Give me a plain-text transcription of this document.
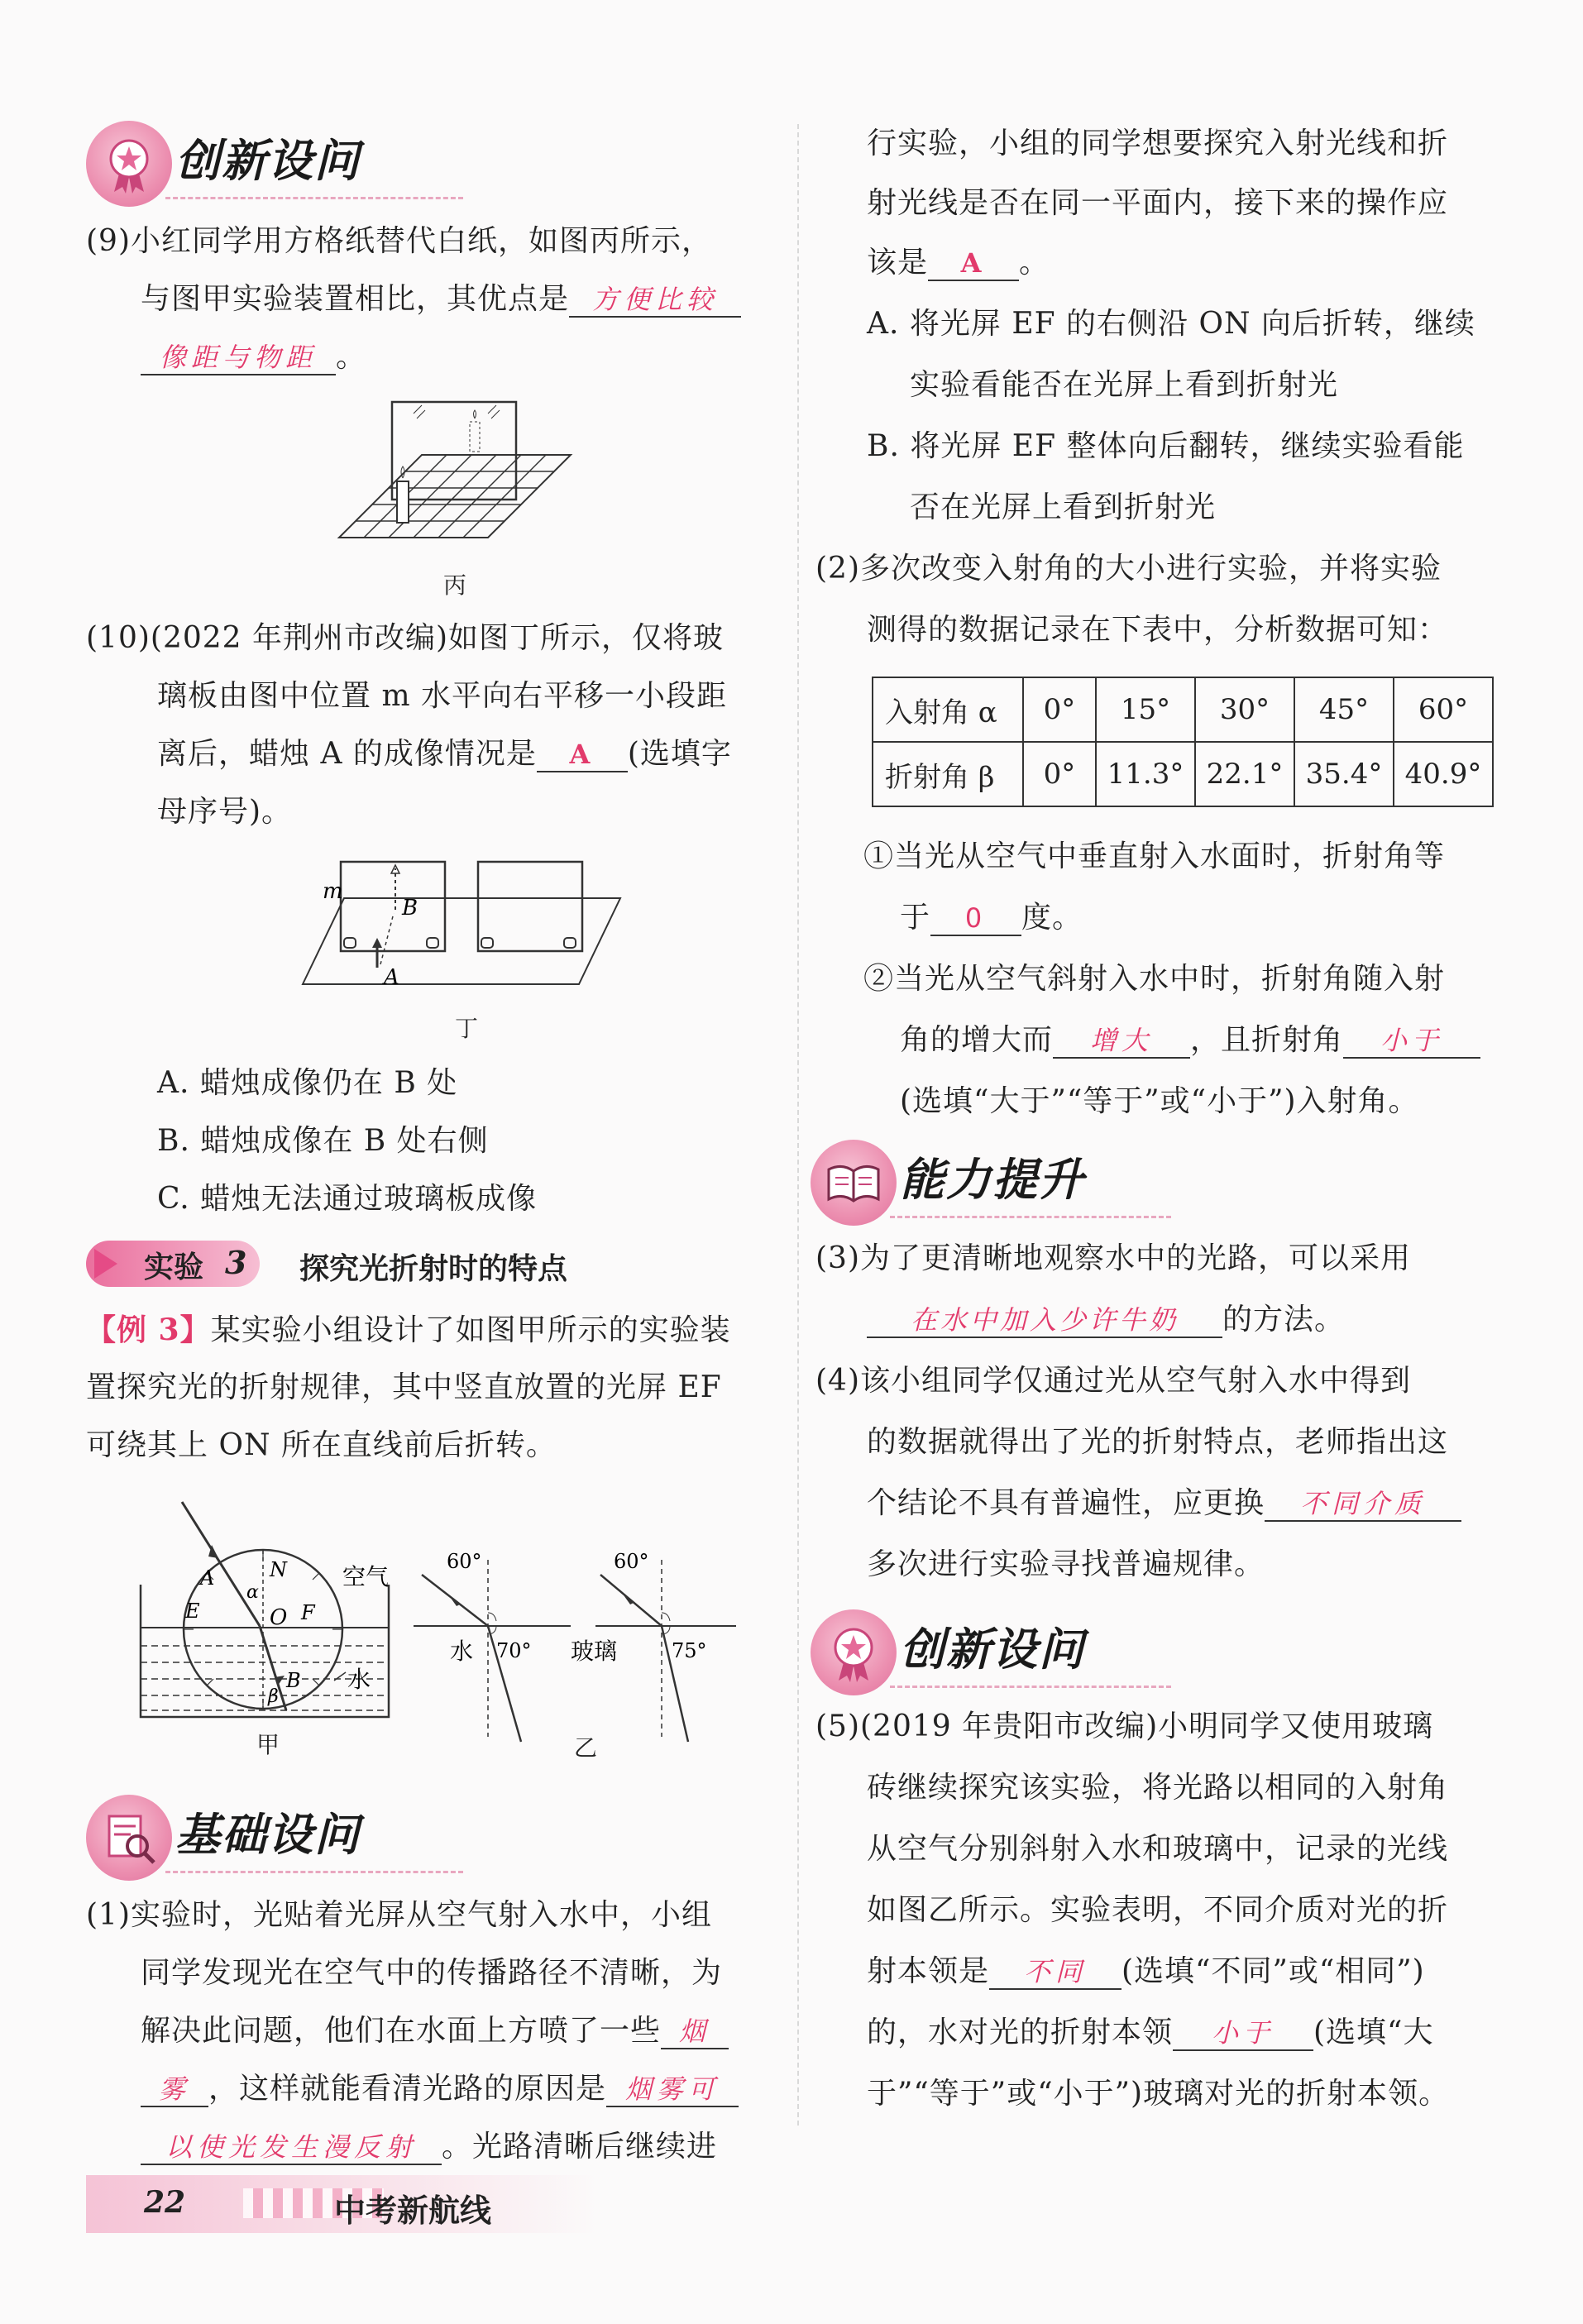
创新设问
(9)小红同学用方格纸替代白纸，如图丙所示，
与图甲实验装置相比，其优点是 方便比较
像距与物距 。
丙
(10)(2022 年荆州市改编)如图丁所示，仅将玻
璃板由图中位置 m 水平向右平移一小段距
离后，蜡烛 A 的成像情况是 A (选填字
母序号)。
m
B
A
丁
A. 蜡烛成像仍在 B 处
B. 蜡烛成像在 B 处右侧
C. 蜡烛无法通过玻璃板成像
实验 3 探究光折射时的特点
【例 3】某实验小组设计了如图甲所示的实验装
置探究光的折射规律，其中竖直放置的光屏 EF
可绕其上 ON 所在直线前后折转。
A
E
N
α
O F
B
β
空气
水
60°
水 70°
60°
玻璃	75°
甲	乙
基础设问
(1)实验时，光贴着光屏从空气射入水中，小组
同学发现光在空气中的传播路径不清晰，为
解决此问题，他们在水面上方喷了一些 烟
雾 ，这样就能看清光路的原因是 烟雾可
以使光发生漫反射 。光路清晰后继续进
22	中考新航线
行实验，小组的同学想要探究入射光线和折
射光线是否在同一平面内，接下来的操作应
该是 A 。
A. 将光屏 EF 的右侧沿 ON 向后折转，继续
实验看能否在光屏上看到折射光
B. 将光屏 EF 整体向后翻转，继续实验看能
否在光屏上看到折射光
(2)多次改变入射角的大小进行实验，并将实验
测得的数据记录在下表中，分析数据可知：
入射角 α	0°	15°	30°	45°	60°
折射角 β	0°	11.3°	22.1°	35.4°	40.9°
①当光从空气中垂直射入水面时，折射角等
于 0 度。
②当光从空气斜射入水中时，折射角随入射
角的增大而 增大 ，且折射角 小于
(选填“大于”“等于”或“小于”)入射角。
能力提升
(3)为了更清晰地观察水中的光路，可以采用
在水中加入少许牛奶 的方法。
(4)该小组同学仅通过光从空气射入水中得到
的数据就得出了光的折射特点，老师指出这
个结论不具有普遍性，应更换 不同介质
多次进行实验寻找普遍规律。
创新设问
(5)(2019 年贵阳市改编)小明同学又使用玻璃
砖继续探究该实验，将光路以相同的入射角
从空气分别斜射入水和玻璃中，记录的光线
如图乙所示。实验表明，不同介质对光的折
射本领是 不同 (选填“不同”或“相同”)
的，水对光的折射本领 小于 (选填“大
于”“等于”或“小于”)玻璃对光的折射本领。
